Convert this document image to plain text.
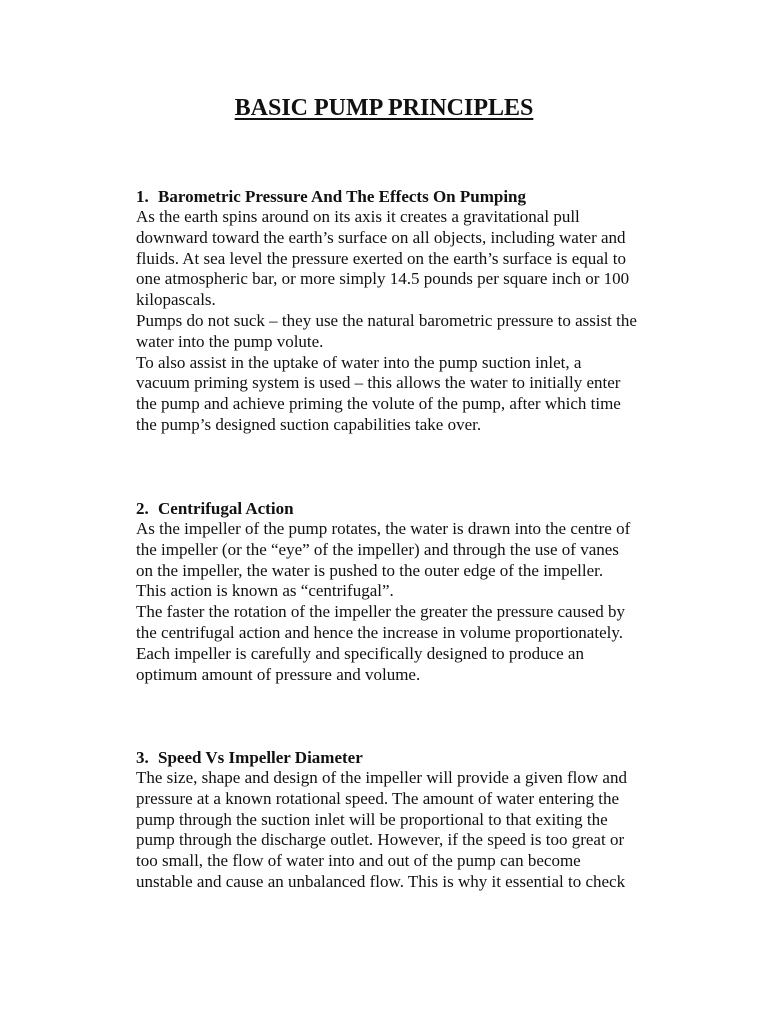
BASIC PUMP PRINCIPLES

1. Barometric Pressure And The Effects On Pumping

As the earth spins around on its axis it creates a gravitational pull

downward toward the earth’s surface on all objects, including water and

fluids. At sea level the pressure exerted on the earth’s surface is equal to

one atmospheric bar, or more simply 14.5 pounds per square inch or 100

kilopascals.

Pumps do not suck – they use the natural barometric pressure to assist the

water into the pump volute.

To also assist in the uptake of water into the pump suction inlet, a

vacuum priming system is used – this allows the water to initially enter

the pump and achieve priming the volute of the pump, after which time

the pump’s designed suction capabilities take over.

2. Centrifugal Action

As the impeller of the pump rotates, the water is drawn into the centre of

the impeller (or the “eye” of the impeller) and through the use of vanes

on the impeller, the water is pushed to the outer edge of the impeller.

This action is known as “centrifugal”.

The faster the rotation of the impeller the greater the pressure caused by

the centrifugal action and hence the increase in volume proportionately.

Each impeller is carefully and specifically designed to produce an

optimum amount of pressure and volume.

3. Speed Vs Impeller Diameter

The size, shape and design of the impeller will provide a given flow and

pressure at a known rotational speed. The amount of water entering the

pump through the suction inlet will be proportional to that exiting the

pump through the discharge outlet. However, if the speed is too great or

too small, the flow of water into and out of the pump can become

unstable and cause an unbalanced flow. This is why it essential to check
